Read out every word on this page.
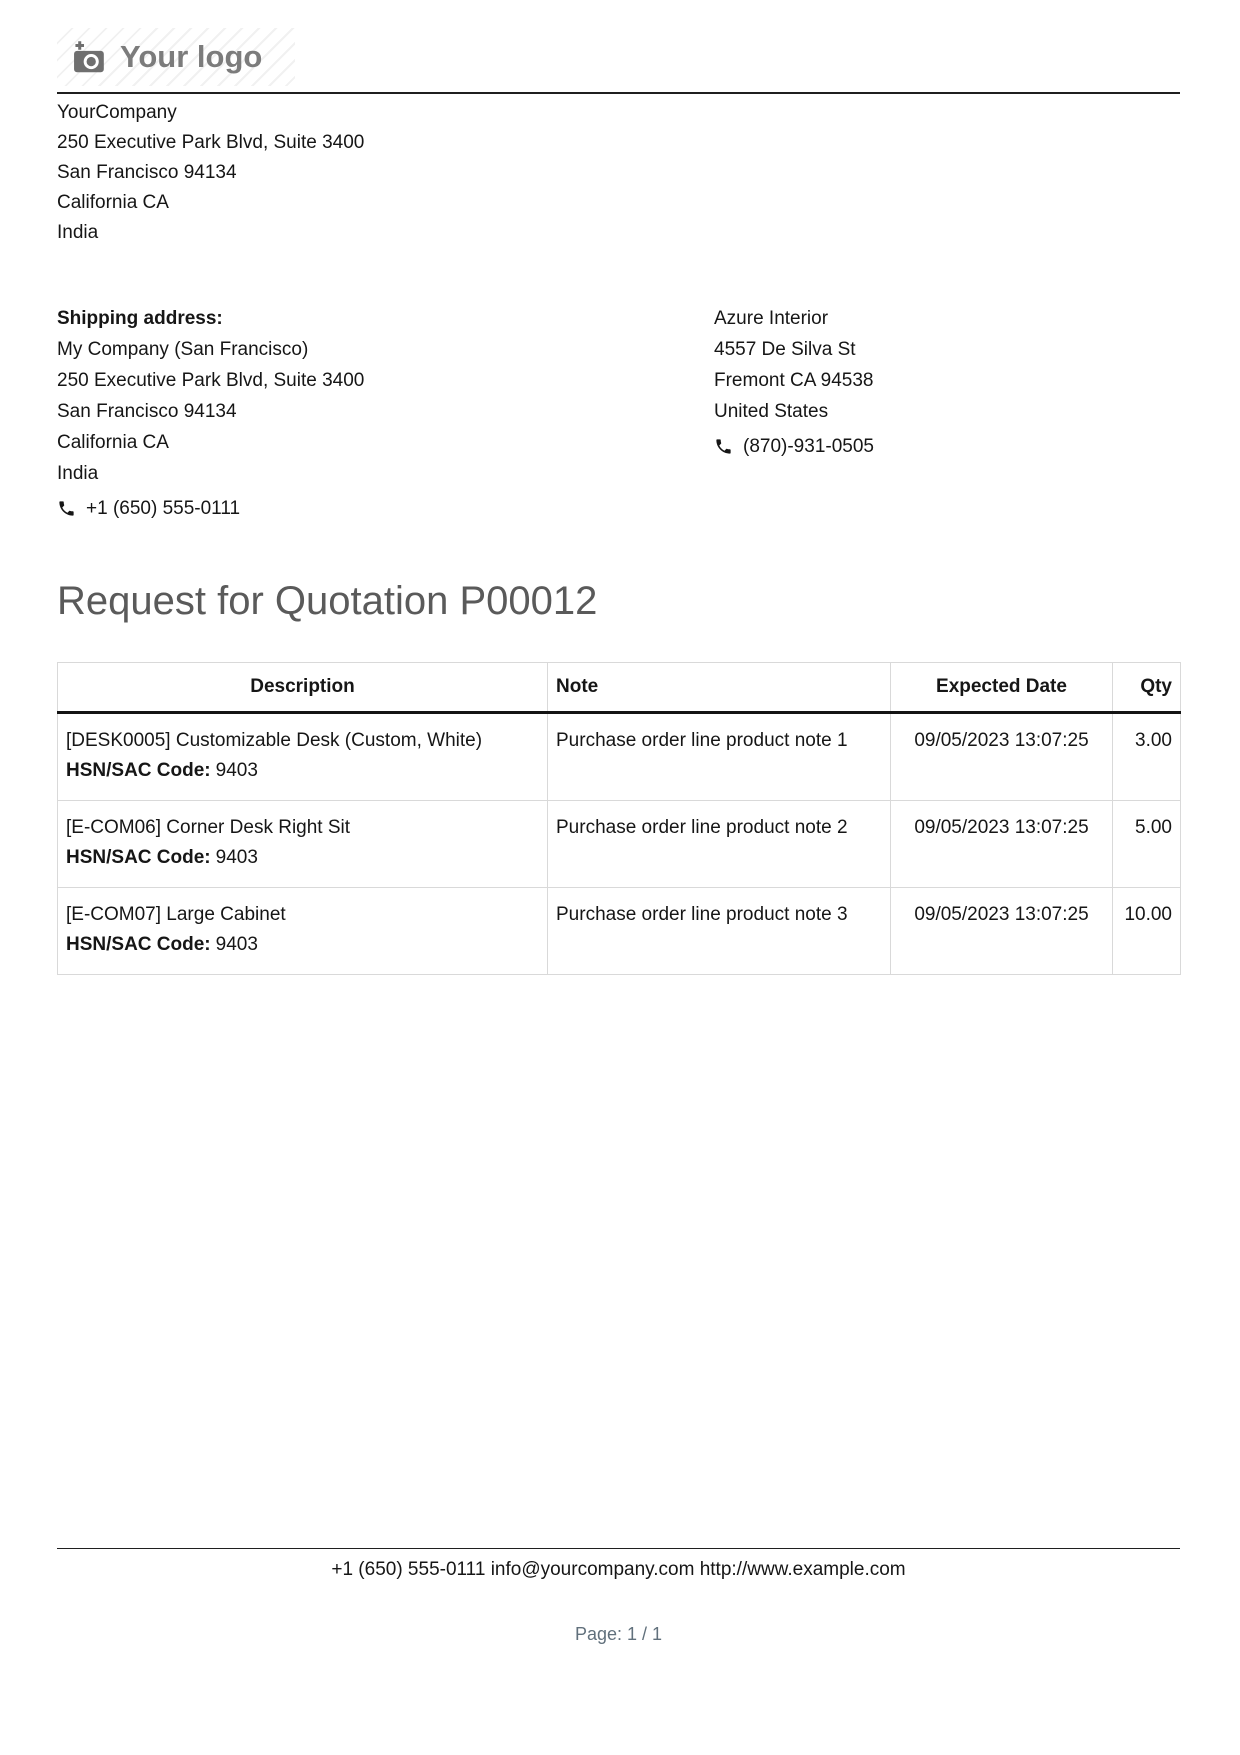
Your logo
YourCompany
250 Executive Park Blvd, Suite 3400
San Francisco 94134
California CA
India
Shipping address:
My Company (San Francisco)
250 Executive Park Blvd, Suite 3400
San Francisco 94134
California CA
India
+1 (650) 555-0111
Azure Interior
4557 De Silva St
Fremont CA 94538
United States
(870)-931-0505
Request for Quotation P00012
Description	Note	Expected Date	Qty

[DESK0005] Customizable Desk (Custom, White)
HSN/SAC Code: 9403	Purchase order line product note 1	09/05/2023 13:07:25	3.00

[E-COM06] Corner Desk Right Sit
HSN/SAC Code: 9403	Purchase order line product note 2	09/05/2023 13:07:25	5.00

[E-COM07] Large Cabinet
HSN/SAC Code: 9403	Purchase order line product note 3	09/05/2023 13:07:25	10.00
+1 (650) 555-0111 info@yourcompany.com http://www.example.com
Page: 1 / 1
